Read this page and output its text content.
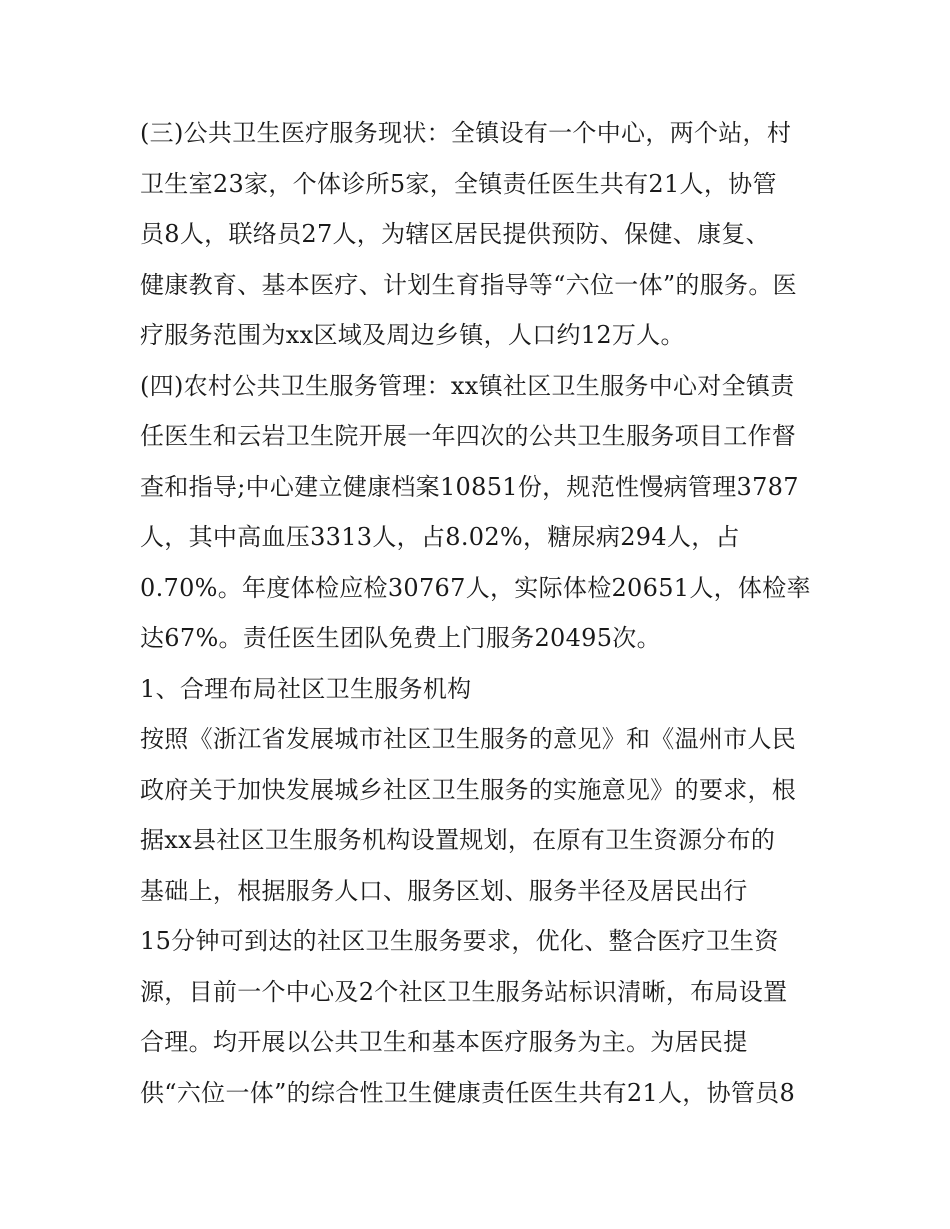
(三)公共卫生医疗服务现状：全镇设有一个中心，两个站，村
卫生室23家，个体诊所5家，全镇责任医生共有21人，协管
员8人，联络员27人，为辖区居民提供预防、保健、康复、
健康教育、基本医疗、计划生育指导等“六位一体”的服务。医
疗服务范围为xx区域及周边乡镇，人口约12万人。
(四)农村公共卫生服务管理：xx镇社区卫生服务中心对全镇责
任医生和云岩卫生院开展一年四次的公共卫生服务项目工作督
查和指导;中心建立健康档案10851份，规范性慢病管理3787
人，其中高血压3313人，占8.02%，糖尿病294人，占
0.70%。年度体检应检30767人，实际体检20651人，体检率
达67%。责任医生团队免费上门服务20495次。
1、合理布局社区卫生服务机构
按照《浙江省发展城市社区卫生服务的意见》和《温州市人民
政府关于加快发展城乡社区卫生服务的实施意见》的要求，根
据xx县社区卫生服务机构设置规划，在原有卫生资源分布的
基础上，根据服务人口、服务区划、服务半径及居民出行
15分钟可到达的社区卫生服务要求，优化、整合医疗卫生资
源，目前一个中心及2个社区卫生服务站标识清晰，布局设置
合理。均开展以公共卫生和基本医疗服务为主。为居民提
供“六位一体”的综合性卫生健康责任医生共有21人，协管员8
